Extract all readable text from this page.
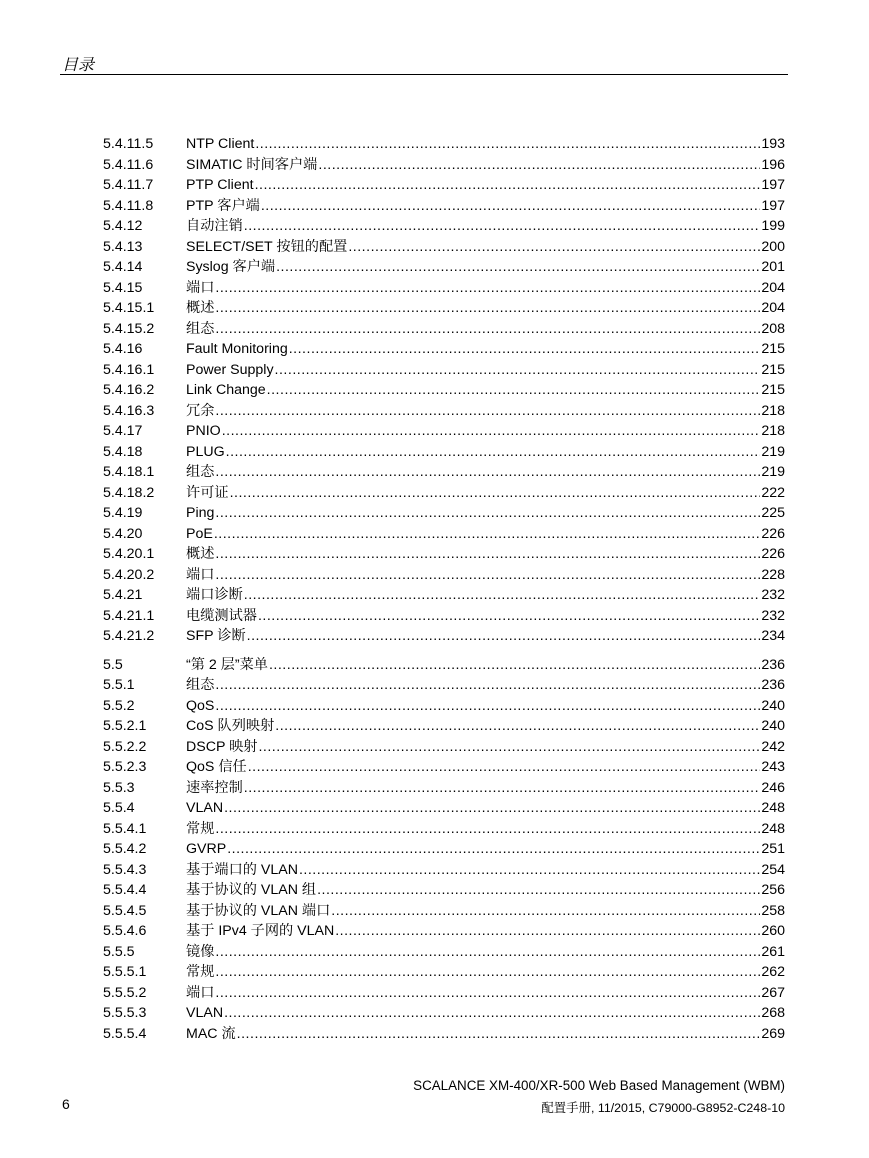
目录
5.4.11.5	NTP Client .....	193
5.4.11.6	SIMATIC 时间客户端 .....	196
5.4.11.7	PTP Client .....	197
5.4.11.8	PTP 客户端 .....	197
5.4.12	自动注销 .....	199
5.4.13	SELECT/SET 按钮的配置 .....	200
5.4.14	Syslog 客户端 .....	201
5.4.15	端口 .....	204
5.4.15.1	概述 .....	204
5.4.15.2	组态 .....	208
5.4.16	Fault Monitoring .....	215
5.4.16.1	Power Supply .....	215
5.4.16.2	Link Change .....	215
5.4.16.3	冗余 .....	218
5.4.17	PNIO .....	218
5.4.18	PLUG .....	219
5.4.18.1	组态 .....	219
5.4.18.2	许可证 .....	222
5.4.19	Ping .....	225
5.4.20	PoE .....	226
5.4.20.1	概述 .....	226
5.4.20.2	端口 .....	228
5.4.21	端口诊断 .....	232
5.4.21.1	电缆测试器 .....	232
5.4.21.2	SFP 诊断 .....	234
5.5	“第 2 层”菜单 .....	236
5.5.1	组态 .....	236
5.5.2	QoS .....	240
5.5.2.1	CoS 队列映射 .....	240
5.5.2.2	DSCP 映射 .....	242
5.5.2.3	QoS 信任 .....	243
5.5.3	速率控制 .....	246
5.5.4	VLAN .....	248
5.5.4.1	常规 .....	248
5.5.4.2	GVRP .....	251
5.5.4.3	基于端口的 VLAN .....	254
5.5.4.4	基于协议的 VLAN 组 .....	256
5.5.4.5	基于协议的 VLAN 端口 .....	258
5.5.4.6	基于 IPv4 子网的 VLAN .....	260
5.5.5	镜像 .....	261
5.5.5.1	常规 .....	262
5.5.5.2	端口 .....	267
5.5.5.3	VLAN .....	268
5.5.5.4	MAC 流 .....	269
6
SCALANCE XM-400/XR-500 Web Based Management (WBM)
配置手册, 11/2015, C79000-G8952-C248-10
